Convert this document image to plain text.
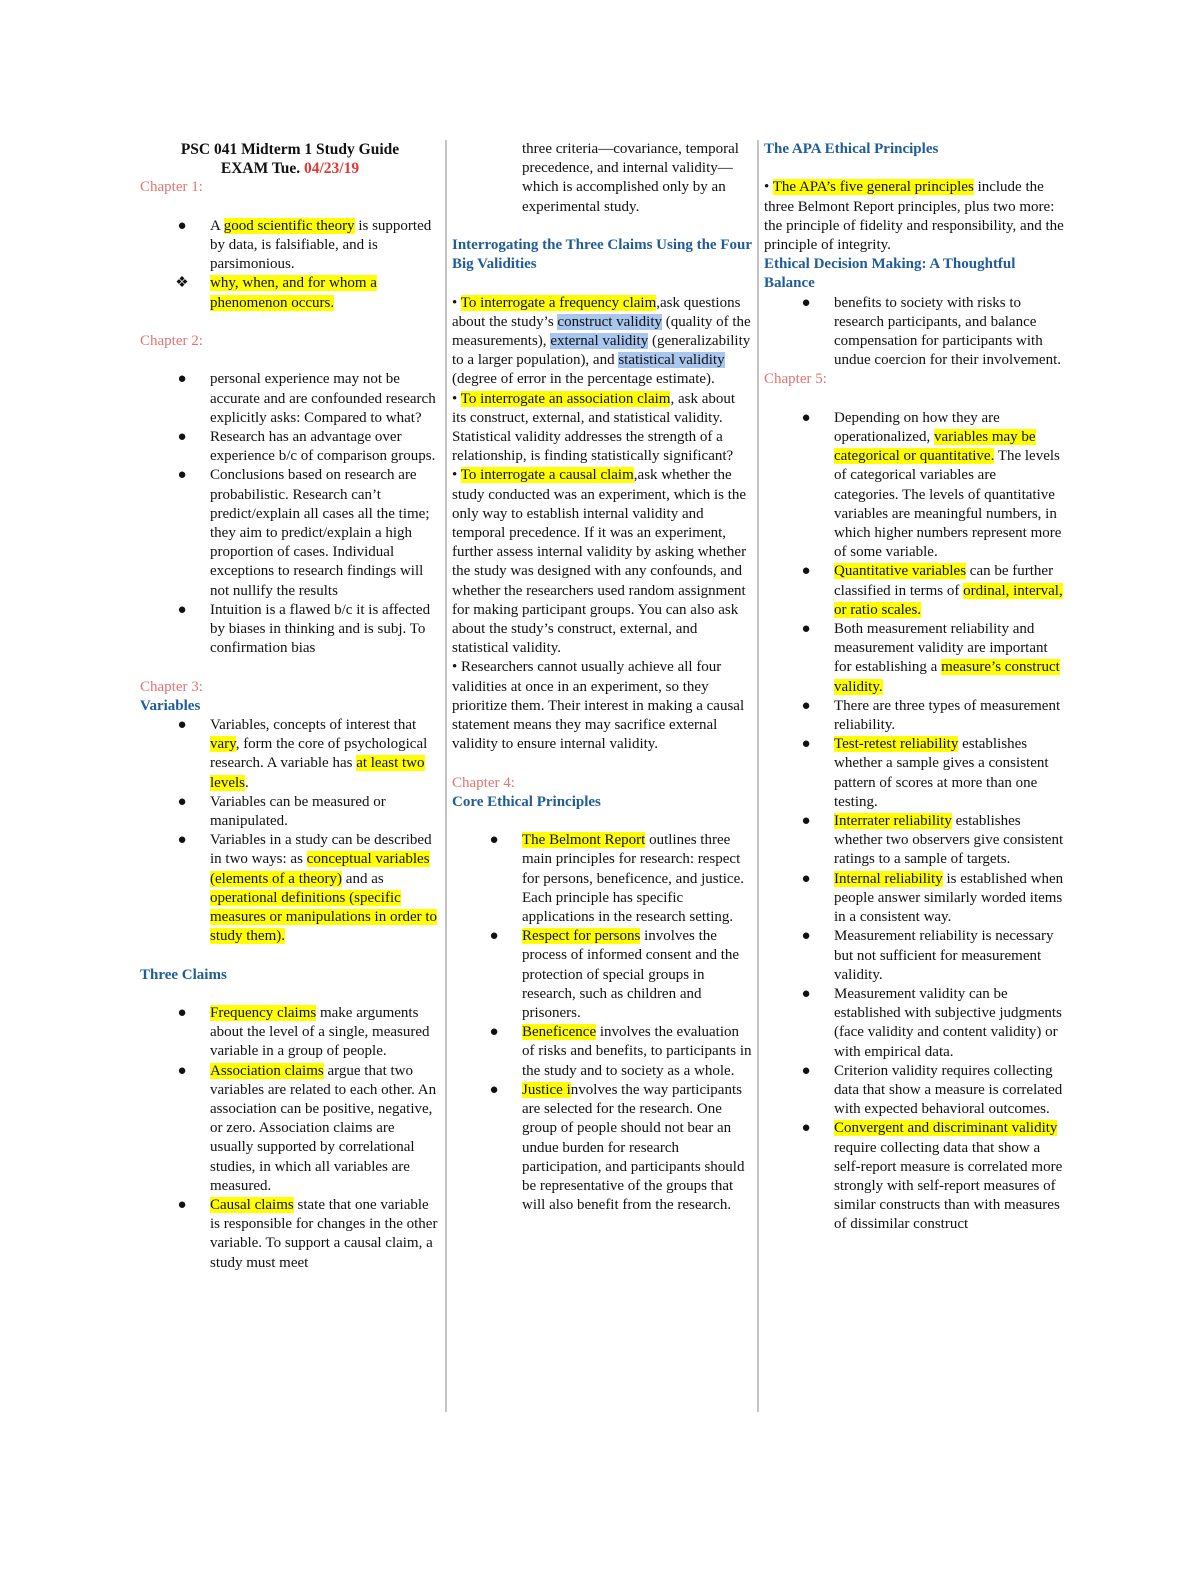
PSC 041 Midterm 1 Study Guide
EXAM Tue. 04/23/19
Chapter 1:
● A good scientific theory is supported by data, is falsifiable, and is parsimonious.
❖ why, when, and for whom a phenomenon occurs.
Chapter 2:
● personal experience may not be accurate and are confounded research explicitly asks: Compared to what?
● Research has an advantage over experience b/c of comparison groups.
● Conclusions based on research are probabilistic. Research can’t predict/explain all cases all the time; they aim to predict/explain a high proportion of cases. Individual exceptions to research findings will not nullify the results
● Intuition is a flawed b/c it is affected by biases in thinking and is subj. To confirmation bias
Chapter 3:
Variables
● Variables, concepts of interest that vary, form the core of psychological research. A variable has at least two levels.
● Variables can be measured or manipulated.
● Variables in a study can be described in two ways: as conceptual variables (elements of a theory) and as operational definitions (specific measures or manipulations in order to study them).
Three Claims
● Frequency claims make arguments about the level of a single, measured variable in a group of people.
● Association claims argue that two variables are related to each other. An association can be positive, negative, or zero. Association claims are usually supported by correlational studies, in which all variables are measured.
● Causal claims state that one variable is responsible for changes in the other variable. To support a causal claim, a study must meet
three criteria—covariance, temporal precedence, and internal validity—which is accomplished only by an experimental study.
Interrogating the Three Claims Using the Four Big Validities
• To interrogate a frequency claim,ask questions about the study’s construct validity (quality of the measurements), external validity (generalizability to a larger population), and statistical validity (degree of error in the percentage estimate).
• To interrogate an association claim, ask about its construct, external, and statistical validity. Statistical validity addresses the strength of a relationship, is finding statistically significant?
• To interrogate a causal claim,ask whether the study conducted was an experiment, which is the only way to establish internal validity and temporal precedence. If it was an experiment, further assess internal validity by asking whether the study was designed with any confounds, and whether the researchers used random assignment for making participant groups. You can also ask about the study’s construct, external, and statistical validity.
• Researchers cannot usually achieve all four validities at once in an experiment, so they prioritize them. Their interest in making a causal statement means they may sacrifice external validity to ensure internal validity.
Chapter 4:
Core Ethical Principles
● The Belmont Report outlines three main principles for research: respect for persons, beneficence, and justice. Each principle has specific applications in the research setting.
● Respect for persons involves the process of informed consent and the protection of special groups in research, such as children and prisoners.
● Beneficence involves the evaluation of risks and benefits, to participants in the study and to society as a whole.
● Justice involves the way participants are selected for the research. One group of people should not bear an undue burden for research participation, and participants should be representative of the groups that will also benefit from the research.
The APA Ethical Principles
• The APA’s five general principles include the three Belmont Report principles, plus two more: the principle of fidelity and responsibility, and the principle of integrity.
Ethical Decision Making: A Thoughtful Balance
● benefits to society with risks to research participants, and balance compensation for participants with undue coercion for their involvement.
Chapter 5:
● Depending on how they are operationalized, variables may be categorical or quantitative. The levels of categorical variables are categories. The levels of quantitative variables are meaningful numbers, in which higher numbers represent more of some variable.
● Quantitative variables can be further classified in terms of ordinal, interval, or ratio scales.
● Both measurement reliability and measurement validity are important for establishing a measure’s construct validity.
● There are three types of measurement reliability.
● Test-retest reliability establishes whether a sample gives a consistent pattern of scores at more than one testing.
● Interrater reliability establishes whether two observers give consistent ratings to a sample of targets.
● Internal reliability is established when people answer similarly worded items in a consistent way.
● Measurement reliability is necessary but not sufficient for measurement validity.
● Measurement validity can be established with subjective judgments (face validity and content validity) or with empirical data.
● Criterion validity requires collecting data that show a measure is correlated with expected behavioral outcomes.
● Convergent and discriminant validity require collecting data that show a self-report measure is correlated more strongly with self-report measures of similar constructs than with measures of dissimilar construct
